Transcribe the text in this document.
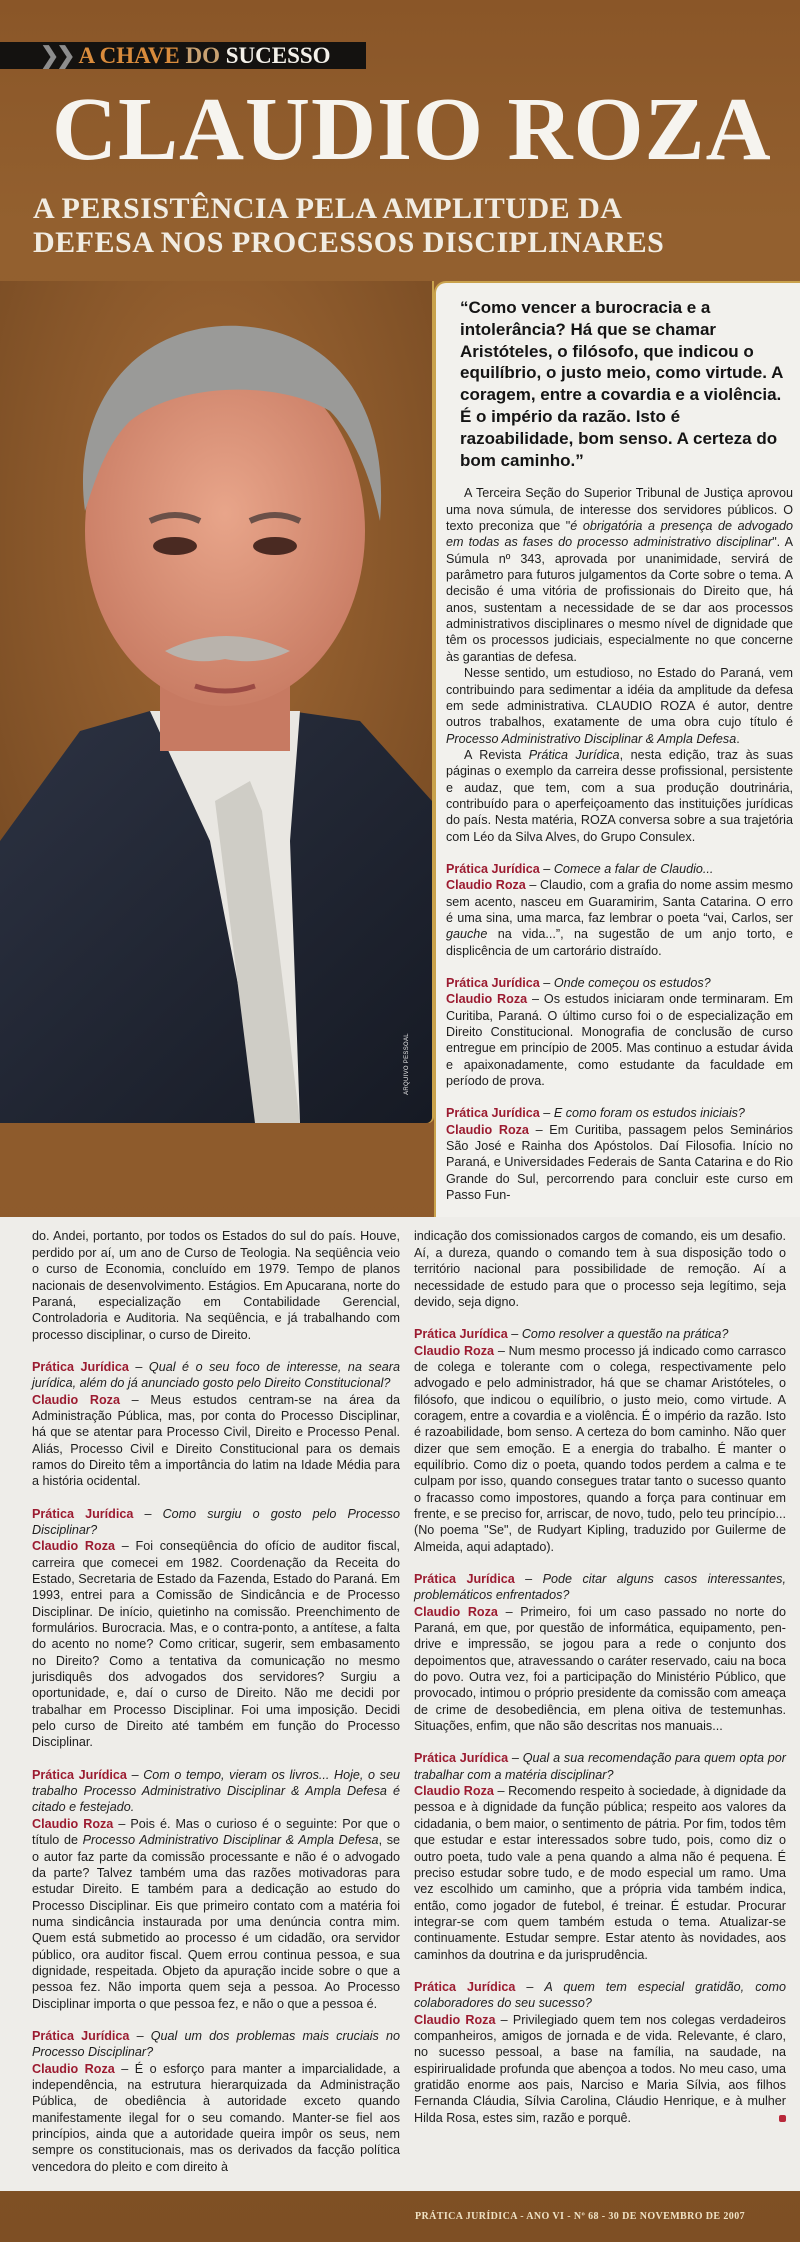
❯❯ A CHAVE DO SUCESSO
CLAUDIO ROZA
A PERSISTÊNCIA PELA AMPLITUDE DA
DEFESA NOS PROCESSOS DISCIPLINARES
ARQUIVO PESSOAL
“Como vencer a burocracia e a intolerância? Há que se chamar Aristóteles, o filósofo, que indicou o equilíbrio, o justo meio, como virtude. A coragem, entre a covardia e a violência. É o império da razão. Isto é razoabilidade, bom senso. A certeza do bom caminho.”

A Terceira Seção do Superior Tribunal de Justiça aprovou uma nova súmula, de interesse dos servidores públicos. O texto preconiza que "é obrigatória a presença de advogado em todas as fases do processo administrativo disciplinar". A Súmula nº 343, aprovada por unanimidade, servirá de parâmetro para futuros julgamentos da Corte sobre o tema. A decisão é uma vitória de profissionais do Direito que, há anos, sustentam a necessidade de se dar aos processos administrativos disciplinares o mesmo nível de dignidade que têm os processos judiciais, especialmente no que concerne às garantias de defesa.

Nesse sentido, um estudioso, no Estado do Paraná, vem contribuindo para sedimentar a idéia da amplitude da defesa em sede administrativa. CLAUDIO ROZA é autor, dentre outros trabalhos, exatamente de uma obra cujo título é Processo Administrativo Disciplinar & Ampla Defesa.

A Revista Prática Jurídica, nesta edição, traz às suas páginas o exemplo da carreira desse profissional, persistente e audaz, que tem, com a sua produção doutrinária, contribuído para o aperfeiçoamento das instituições jurídicas do país. Nesta matéria, ROZA conversa sobre a sua trajetória com Léo da Silva Alves, do Grupo Consulex.

Prática Jurídica – Comece a falar de Claudio...

Claudio Roza – Claudio, com a grafia do nome assim mesmo sem acento, nasceu em Guaramirim, Santa Catarina. O erro é uma sina, uma marca, faz lembrar o poeta “vai, Carlos, ser gauche na vida...”, na sugestão de um anjo torto, e displicência de um cartorário distraído.

Prática Jurídica – Onde começou os estudos?

Claudio Roza – Os estudos iniciaram onde terminaram. Em Curitiba, Paraná. O último curso foi o de especialização em Direito Constitucional. Monografia de conclusão de curso entregue em princípio de 2005. Mas continuo a estudar ávida e apaixonadamente, como estudante da faculdade em período de prova.

Prática Jurídica – E como foram os estudos iniciais?

Claudio Roza – Em Curitiba, passagem pelos Seminários São José e Rainha dos Apóstolos. Daí Filosofia. Início no Paraná, e Universidades Federais de Santa Catarina e do Rio Grande do Sul, percorrendo para concluir este curso em Passo Fun-

do. Andei, portanto, por todos os Estados do sul do país. Houve, perdido por aí, um ano de Curso de Teologia. Na seqüência veio o curso de Economia, concluído em 1979. Tempo de planos nacionais de desenvolvimento. Estágios. Em Apucarana, norte do Paraná, especialização em Contabilidade Gerencial, Controladoria e Auditoria. Na seqüência, e já trabalhando com processo disciplinar, o curso de Direito.

Prática Jurídica – Qual é o seu foco de interesse, na seara jurídica, além do já anunciado gosto pelo Direito Constitucional?

Claudio Roza – Meus estudos centram-se na área da Administração Pública, mas, por conta do Processo Disciplinar, há que se atentar para Processo Civil, Direito e Processo Penal. Aliás, Processo Civil e Direito Constitucional para os demais ramos do Direito têm a importância do latim na Idade Média para a história ocidental.

Prática Jurídica – Como surgiu o gosto pelo Processo Disciplinar?

Claudio Roza – Foi conseqüência do ofício de auditor fiscal, carreira que comecei em 1982. Coordenação da Receita do Estado, Secretaria de Estado da Fazenda, Estado do Paraná. Em 1993, entrei para a Comissão de Sindicância e de Processo Disciplinar. De início, quietinho na comissão. Preenchimento de formulários. Burocracia. Mas, e o contra-ponto, a antítese, a falta do acento no nome? Como criticar, sugerir, sem embasamento no Direito? Como a tentativa da comunicação no mesmo jurisdiquês dos advogados dos servidores? Surgiu a oportunidade, e, daí o curso de Direito. Não me decidi por trabalhar em Processo Disciplinar. Foi uma imposição. Decidi pelo curso de Direito até também em função do Processo Disciplinar.

Prática Jurídica – Com o tempo, vieram os livros... Hoje, o seu trabalho Processo Administrativo Disciplinar & Ampla Defesa é citado e festejado.

Claudio Roza – Pois é. Mas o curioso é o seguinte: Por que o título de Processo Administrativo Disciplinar & Ampla Defesa, se o autor faz parte da comissão processante e não é o advogado da parte? Talvez também uma das razões motivadoras para estudar Direito. E também para a dedicação ao estudo do Processo Disciplinar. Eis que primeiro contato com a matéria foi numa sindicância instaurada por uma denúncia contra mim. Quem está submetido ao processo é um cidadão, ora servidor público, ora auditor fiscal. Quem errou continua pessoa, e sua dignidade, respeitada. Objeto da apuração incide sobre o que a pessoa fez. Não importa quem seja a pessoa. Ao Processo Disciplinar importa o que pessoa fez, e não o que a pessoa é.

Prática Jurídica – Qual um dos problemas mais cruciais no Processo Disciplinar?

Claudio Roza – É o esforço para manter a imparcialidade, a independência, na estrutura hierarquizada da Administração Pública, de obediência à autoridade exceto quando manifestamente ilegal for o seu comando. Manter-se fiel aos princípios, ainda que a autoridade queira impôr os seus, nem sempre os constitucionais, mas os derivados da facção política vencedora do pleito e com direito à

indicação dos comissionados cargos de comando, eis um desafio. Aí, a dureza, quando o comando tem à sua disposição todo o território nacional para possibilidade de remoção. Aí a necessidade de estudo para que o processo seja legítimo, seja devido, seja digno.

Prática Jurídica – Como resolver a questão na prática?

Claudio Roza – Num mesmo processo já indicado como carrasco de colega e tolerante com o colega, respectivamente pelo advogado e pelo administrador, há que se chamar Aristóteles, o filósofo, que indicou o equilíbrio, o justo meio, como virtude. A coragem, entre a covardia e a violência. É o império da razão. Isto é razoabilidade, bom senso. A certeza do bom caminho. Não quer dizer que sem emoção. E a energia do trabalho. É manter o equilíbrio. Como diz o poeta, quando todos perdem a calma e te culpam por isso, quando consegues tratar tanto o sucesso quanto o fracasso como impostores, quando a força para continuar em frente, e se preciso for, arriscar, de novo, tudo, pelo teu princípio... (No poema "Se", de Rudyart Kipling, traduzido por Guilerme de Almeida, aqui adaptado).

Prática Jurídica – Pode citar alguns casos interessantes, problemáticos enfrentados?

Claudio Roza – Primeiro, foi um caso passado no norte do Paraná, em que, por questão de informática, equipamento, pen-drive e impressão, se jogou para a rede o conjunto dos depoimentos que, atravessando o caráter reservado, caiu na boca do povo. Outra vez, foi a participação do Ministério Público, que provocado, intimou o próprio presidente da comissão com ameaça de crime de desobediência, em plena oitiva de testemunhas. Situações, enfim, que não são descritas nos manuais...

Prática Jurídica – Qual a sua recomendação para quem opta por trabalhar com a matéria disciplinar?

Claudio Roza – Recomendo respeito à sociedade, à dignidade da pessoa e à dignidade da função pública; respeito aos valores da cidadania, o bem maior, o sentimento de pátria. Por fim, todos têm que estudar e estar interessados sobre tudo, pois, como diz o outro poeta, tudo vale a pena quando a alma não é pequena. É preciso estudar sobre tudo, e de modo especial um ramo. Uma vez escolhido um caminho, que a própria vida também indica, então, como jogador de futebol, é treinar. É estudar. Procurar integrar-se com quem também estuda o tema. Atualizar-se continuamente. Estudar sempre. Estar atento às novidades, aos caminhos da doutrina e da jurisprudência.

Prática Jurídica – A quem tem especial gratidão, como colaboradores do seu sucesso?

Claudio Roza – Privilegiado quem tem nos colegas verdadeiros companheiros, amigos de jornada e de vida. Relevante, é claro, no sucesso pessoal, a base na família, na saudade, na espirirualidade profunda que abençoa a todos. No meu caso, uma gratidão enorme aos pais, Narciso e Maria Sílvia, aos filhos Fernanda Cláudia, Sílvia Carolina, Cláudio Henrique, e à mulher Hilda Rosa, estes sim, razão e porquê.

PRÁTICA JURÍDICA - ANO VI - Nº 68 - 30 DE NOVEMBRO DE 2007
